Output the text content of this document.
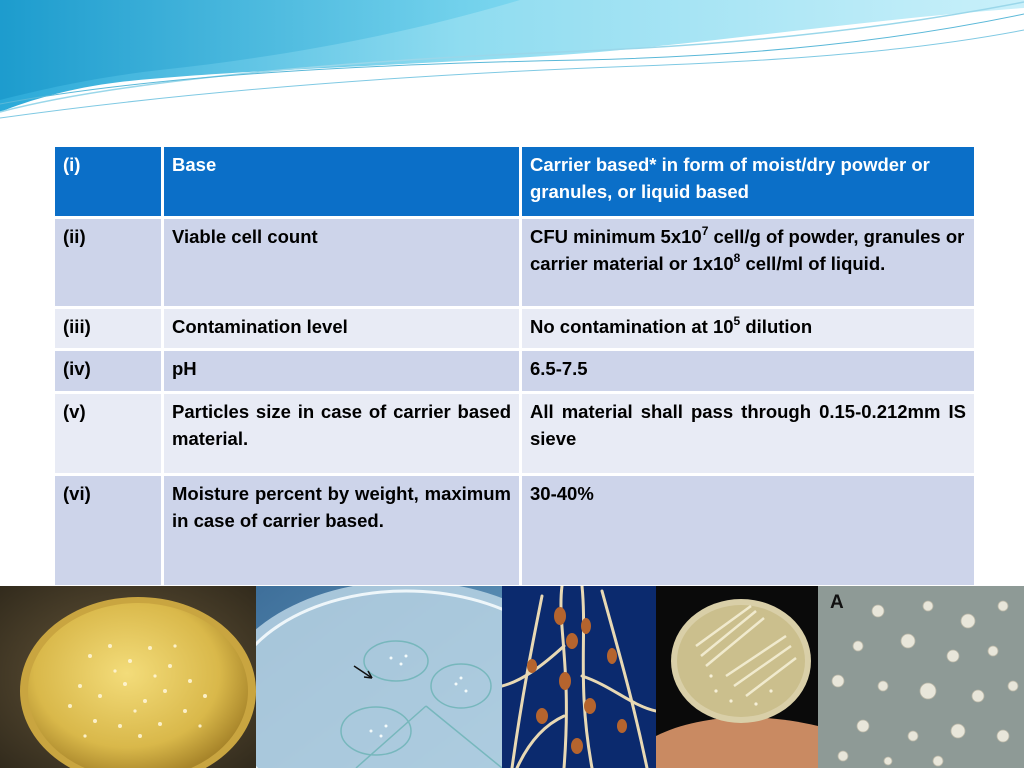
(i)	Base	Carrier based* in form of moist/dry powder or granules, or liquid based
(ii)	Viable cell count	CFU minimum $5x10^7$ cell/g of powder, granules or carrier material or $1x10^8$ cell/ml of liquid.
(iii)	Contamination level	No contamination at $10^5$ dilution
(iv)	pH	6.5-7.5
(v)	Particles size in case of carrier based material.	All material shall pass through 0.15-0.212mm IS sieve
(vi)	Moisture percent by weight, maximum in case of carrier based.	30-40%
A
